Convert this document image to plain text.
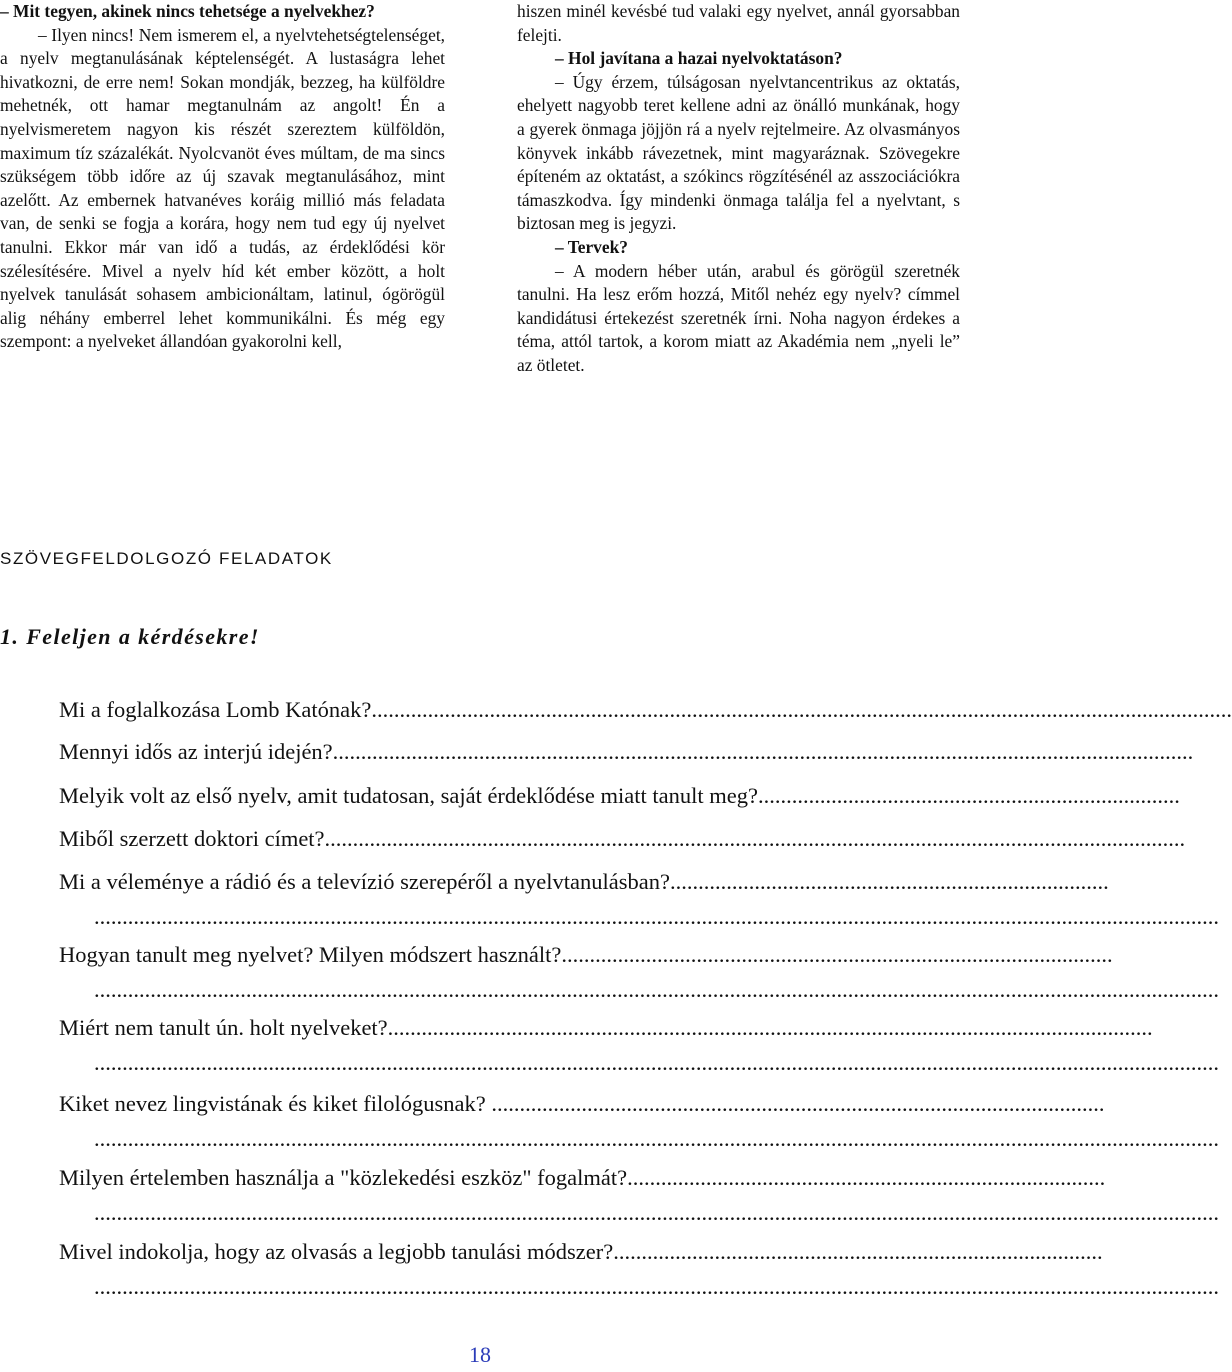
– Mit tegyen, akinek nincs tehetsége a nyelvekhez?

– Ilyen nincs! Nem ismerem el, a nyelvtehetségtelenséget, a nyelv megtanulásának képtelenségét. A lustaságra lehet hivatkozni, de erre nem! Sokan mondják, bezzeg, ha külföldre mehetnék, ott hamar megtanulnám az angolt! Én a nyelvismeretem nagyon kis részét szereztem külföldön, maximum tíz százalékát. Nyolcvanöt éves múltam, de ma sincs szükségem több időre az új szavak megtanulásához, mint azelőtt. Az embernek hatvanéves koráig millió más feladata van, de senki se fogja a korára, hogy nem tud egy új nyelvet tanulni. Ekkor már van idő a tudás, az érdeklődési kör szélesítésére. Mivel a nyelv híd két ember között, a holt nyelvek tanulását sohasem ambicionáltam, latinul, ógörögül alig néhány emberrel lehet kommunikálni. És még egy szempont: a nyelveket állandóan gyakorolni kell,

hiszen minél kevésbé tud valaki egy nyelvet, annál gyorsabban felejti.

– Hol javítana a hazai nyelvoktatáson?

– Úgy érzem, túlságosan nyelvtancentrikus az oktatás, ehelyett nagyobb teret kellene adni az önálló munkának, hogy a gyerek önmaga jöjjön rá a nyelv rejtelmeire. Az olvasmányos könyvek inkább rávezetnek, mint magyaráznak. Szövegekre építeném az oktatást, a szókincs rögzítésénél az asszociációkra támaszkodva. Így mindenki önmaga találja fel a nyelvtant, s biztosan meg is jegyzi.

– Tervek?

– A modern héber után, arabul és görögül szeretnék tanulni. Ha lesz erőm hozzá, Mitől nehéz egy nyelv? címmel kandidátusi értekezést szeretnék írni. Noha nagyon érdekes a téma, attól tartok, a korom miatt az Akadémia nem „nyeli le” az ötletet.

SZÖVEGFELDOLGOZÓ FELADATOK
1. Feleljen a kérdésekre!
Mi a foglalkozása Lomb Katónak?.........................................................................................................................................................
Mennyi idős az interjú idején?.........................................................................................................................................................
Melyik volt az első nyelv, amit tudatosan, saját érdeklődése miatt tanult meg?...........................................................................
Miből szerzett doktori címet?.........................................................................................................................................................
Mi a véleménye a rádió és a televízió szerepéről a nyelvtanulásban?..............................................................................
........................................................................................................................................................................................................
Hogyan tanult meg nyelvet? Milyen módszert használt?..................................................................................................
........................................................................................................................................................................................................
Miért nem tanult ún. holt nyelveket?........................................................................................................................................
........................................................................................................................................................................................................
Kiket nevez lingvistának és kiket filológusnak? .............................................................................................................
........................................................................................................................................................................................................
Milyen értelemben használja a "közlekedési eszköz" fogalmát?.....................................................................................
........................................................................................................................................................................................................
Mivel indokolja, hogy az olvasás a legjobb tanulási módszer?.......................................................................................
........................................................................................................................................................................................................
18
